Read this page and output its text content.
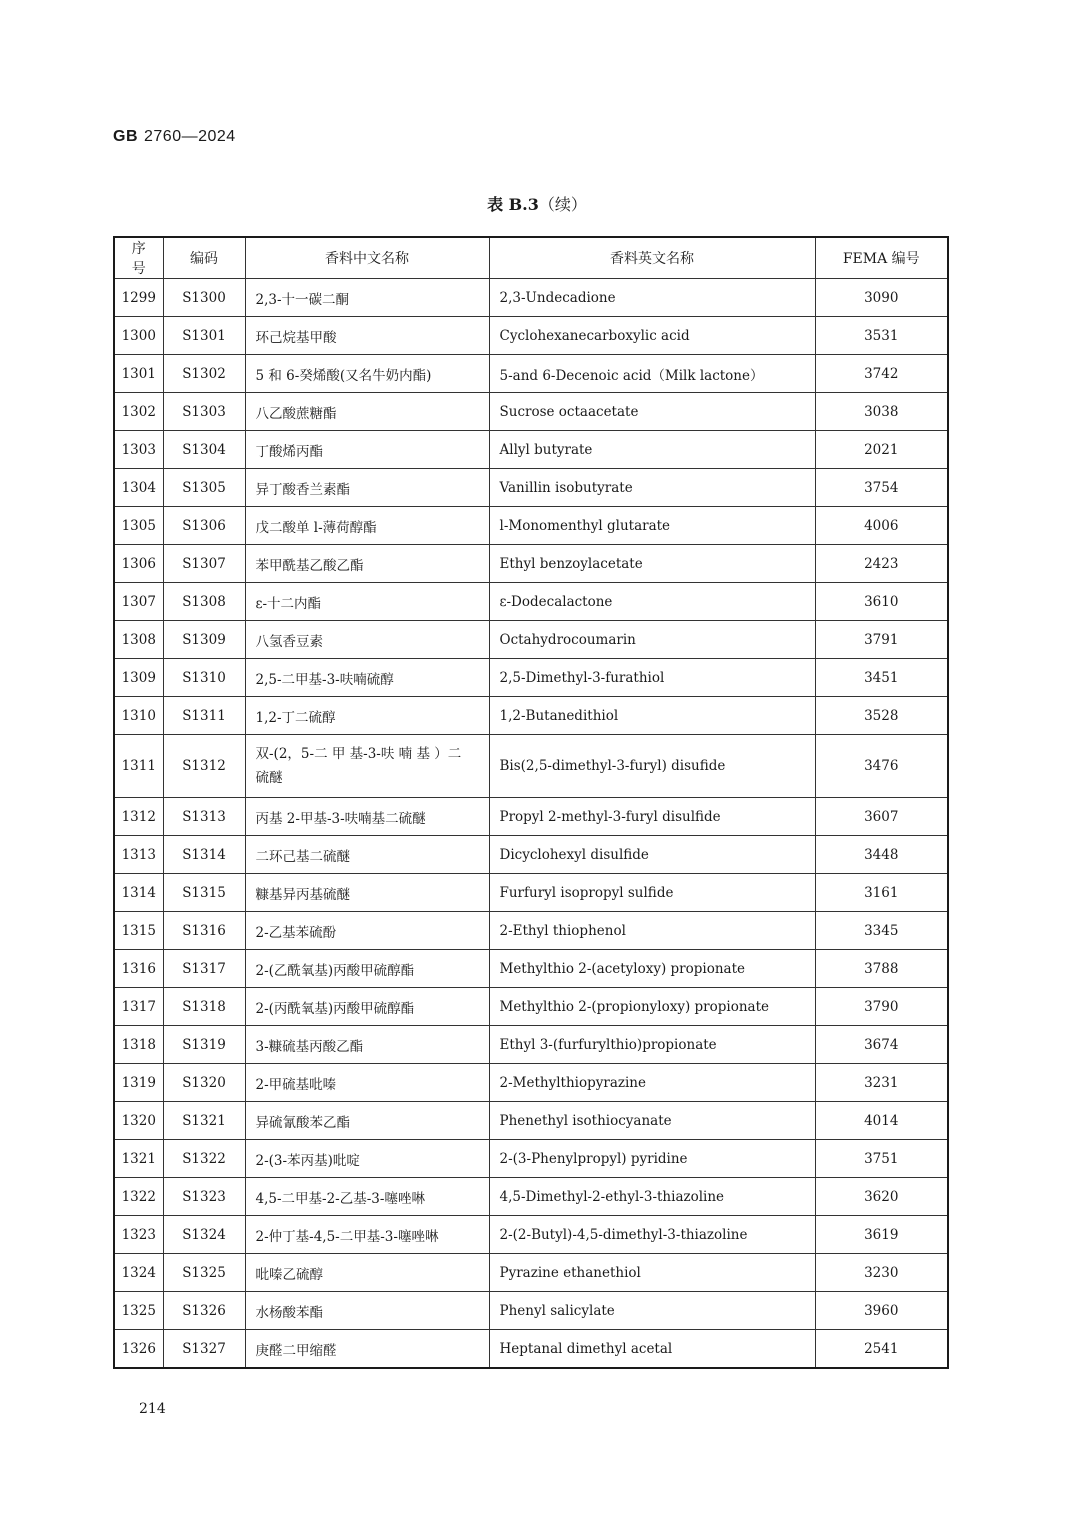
GB 2760—2024
表 B.3（续）
序号	编码	香料中文名称	香料英文名称	FEMA 编号
1299	S1300	2,3-十一碳二酮	2,3-Undecadione	3090
1300	S1301	环己烷基甲酸	Cyclohexanecarboxylic acid	3531
1301	S1302	5 和 6-癸烯酸(又名牛奶内酯)	5-and 6-Decenoic acid（Milk lactone）	3742
1302	S1303	八乙酸蔗糖酯	Sucrose octaacetate	3038
1303	S1304	丁酸烯丙酯	Allyl butyrate	2021
1304	S1305	异丁酸香兰素酯	Vanillin isobutyrate	3754
1305	S1306	戊二酸单 l-薄荷醇酯	l-Monomenthyl glutarate	4006
1306	S1307	苯甲酰基乙酸乙酯	Ethyl benzoylacetate	2423
1307	S1308	ε-十二内酯	ε-Dodecalactone	3610
1308	S1309	八氢香豆素	Octahydrocoumarin	3791
1309	S1310	2,5-二甲基-3-呋喃硫醇	2,5-Dimethyl-3-furathiol	3451
1310	S1311	1,2-丁二硫醇	1,2-Butanedithiol	3528
1311	S1312	双-(2，5-二 甲 基-3-呋 喃 基 ）二 硫醚	Bis(2,5-dimethyl-3-furyl) disufide	3476
1312	S1313	丙基 2-甲基-3-呋喃基二硫醚	Propyl 2-methyl-3-furyl disulfide	3607
1313	S1314	二环己基二硫醚	Dicyclohexyl disulfide	3448
1314	S1315	糠基异丙基硫醚	Furfuryl isopropyl sulfide	3161
1315	S1316	2-乙基苯硫酚	2-Ethyl thiophenol	3345
1316	S1317	2-(乙酰氧基)丙酸甲硫醇酯	Methylthio 2-(acetyloxy) propionate	3788
1317	S1318	2-(丙酰氧基)丙酸甲硫醇酯	Methylthio 2-(propionyloxy) propionate	3790
1318	S1319	3-糠硫基丙酸乙酯	Ethyl 3-(furfurylthio)propionate	3674
1319	S1320	2-甲硫基吡嗪	2-Methylthiopyrazine	3231
1320	S1321	异硫氰酸苯乙酯	Phenethyl isothiocyanate	4014
1321	S1322	2-(3-苯丙基)吡啶	2-(3-Phenylpropyl) pyridine	3751
1322	S1323	4,5-二甲基-2-乙基-3-噻唑啉	4,5-Dimethyl-2-ethyl-3-thiazoline	3620
1323	S1324	2-仲丁基-4,5-二甲基-3-噻唑啉	2-(2-Butyl)-4,5-dimethyl-3-thiazoline	3619
1324	S1325	吡嗪乙硫醇	Pyrazine ethanethiol	3230
1325	S1326	水杨酸苯酯	Phenyl salicylate	3960
1326	S1327	庚醛二甲缩醛	Heptanal dimethyl acetal	2541
214
